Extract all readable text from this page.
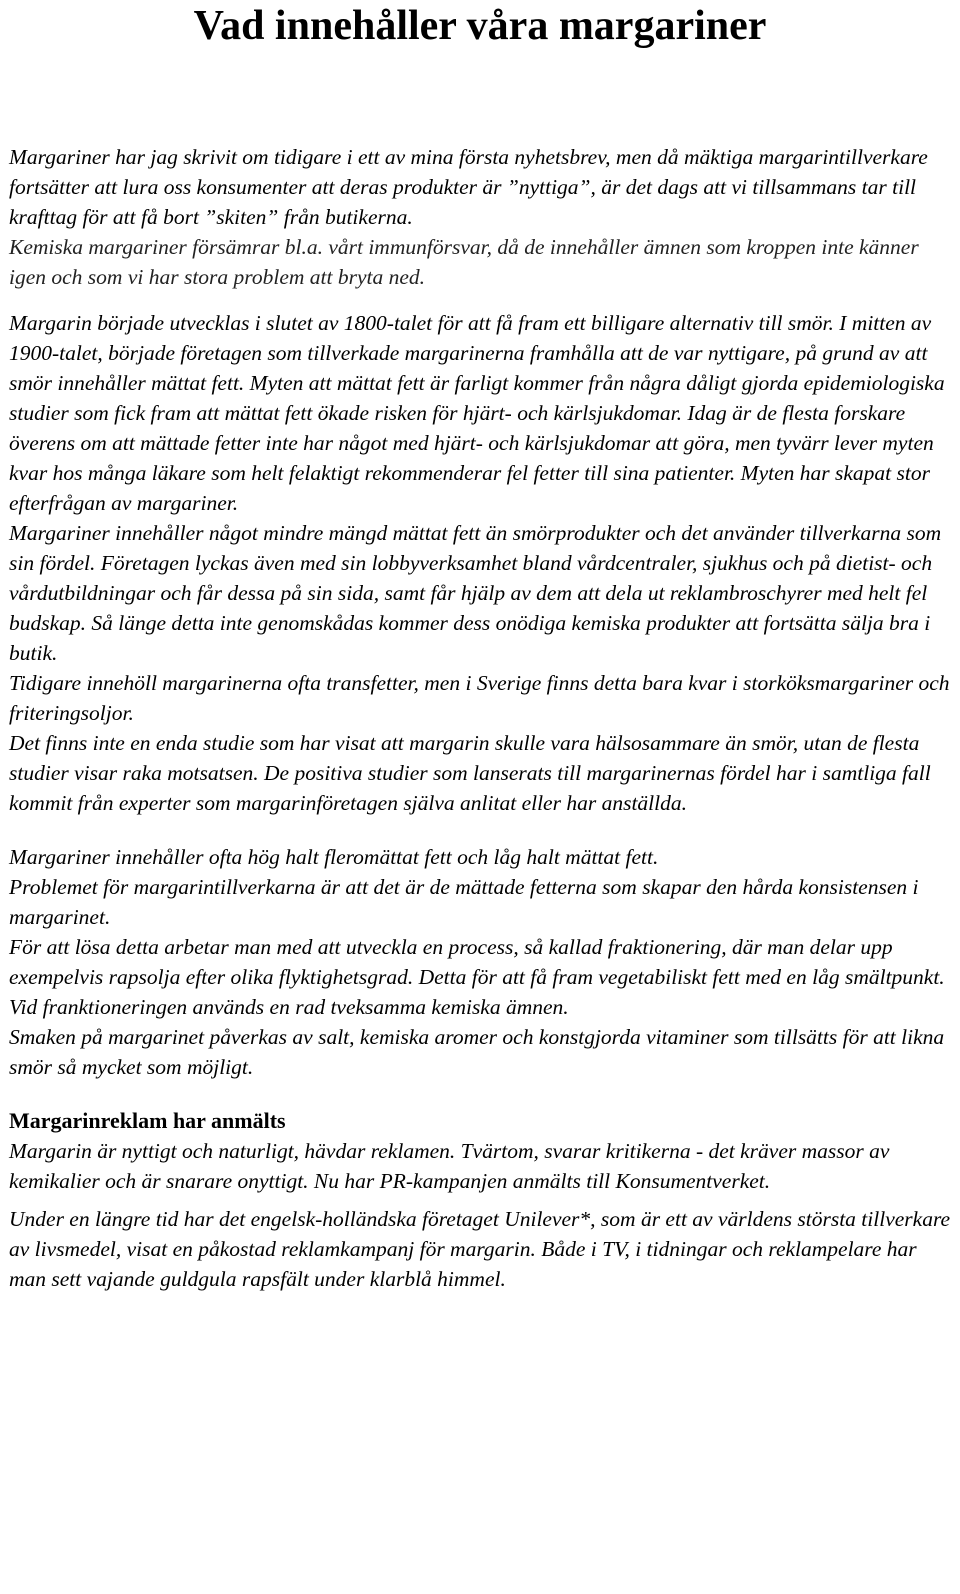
Vad innehåller våra margariner

Margariner har jag skrivit om tidigare i ett av mina första nyhetsbrev, men då mäktiga margarintillverkare fortsätter att lura oss konsumenter att deras produkter är ”nyttiga”, är det dags att vi tillsammans tar till krafttag för att få bort ”skiten” från butikerna.

Kemiska margariner försämrar bl.a. vårt immunförsvar, då de innehåller ämnen som kroppen inte känner igen och som vi har stora problem att bryta ned.

Margarin började utvecklas i slutet av 1800-talet för att få fram ett billigare alternativ till smör. I mitten av 1900-talet, började företagen som tillverkade margarinerna framhålla att de var nyttigare, på grund av att smör innehåller mättat fett. Myten att mättat fett är farligt kommer från några dåligt gjorda epidemiologiska studier som fick fram att mättat fett ökade risken för hjärt- och kärlsjukdomar. Idag är de flesta forskare överens om att mättade fetter inte har något med hjärt- och kärlsjukdomar att göra, men tyvärr lever myten kvar hos många läkare som helt felaktigt rekommenderar fel fetter till sina patienter. Myten har skapat stor efterfrågan av margariner.

Margariner innehåller något mindre mängd mättat fett än smörprodukter och det använder tillverkarna som sin fördel. Företagen lyckas även med sin lobbyverksamhet bland vårdcentraler, sjukhus och på dietist- och vårdutbildningar och får dessa på sin sida, samt får hjälp av dem att dela ut reklambroschyrer med helt fel budskap. Så länge detta inte genomskådas kommer dess onödiga kemiska produkter att fortsätta sälja bra i butik.

Tidigare innehöll margarinerna ofta transfetter, men i Sverige finns detta bara kvar i storköksmargariner och friteringsoljor.

Det finns inte en enda studie som har visat att margarin skulle vara hälsosammare än smör, utan de flesta studier visar raka motsatsen. De positiva studier som lanserats till margarinernas fördel har i samtliga fall kommit från experter som margarinföretagen själva anlitat eller har anställda.

Margariner innehåller ofta hög halt fleromättat fett och låg halt mättat fett.

Problemet för margarintillverkarna är att det är de mättade fetterna som skapar den hårda konsistensen i margarinet.

För att lösa detta arbetar man med att utveckla en process, så kallad fraktionering, där man delar upp exempelvis rapsolja efter olika flyktighetsgrad. Detta för att få fram vegetabiliskt fett med en låg smältpunkt. Vid franktioneringen används en rad tveksamma kemiska ämnen.

Smaken på margarinet påverkas av salt, kemiska aromer och konstgjorda vitaminer som tillsätts för att likna smör så mycket som möjligt.

Margarinreklam har anmälts

Margarin är nyttigt och naturligt, hävdar reklamen. Tvärtom, svarar kritikerna - det kräver massor av kemikalier och är snarare onyttigt. Nu har PR-kampanjen anmälts till Konsumentverket.

Under en längre tid har det engelsk-holländska företaget Unilever*, som är ett av världens största tillverkare av livsmedel, visat en påkostad reklamkampanj för margarin. Både i TV, i tidningar och reklampelare har man sett vajande guldgula rapsfält under klarblå himmel.
